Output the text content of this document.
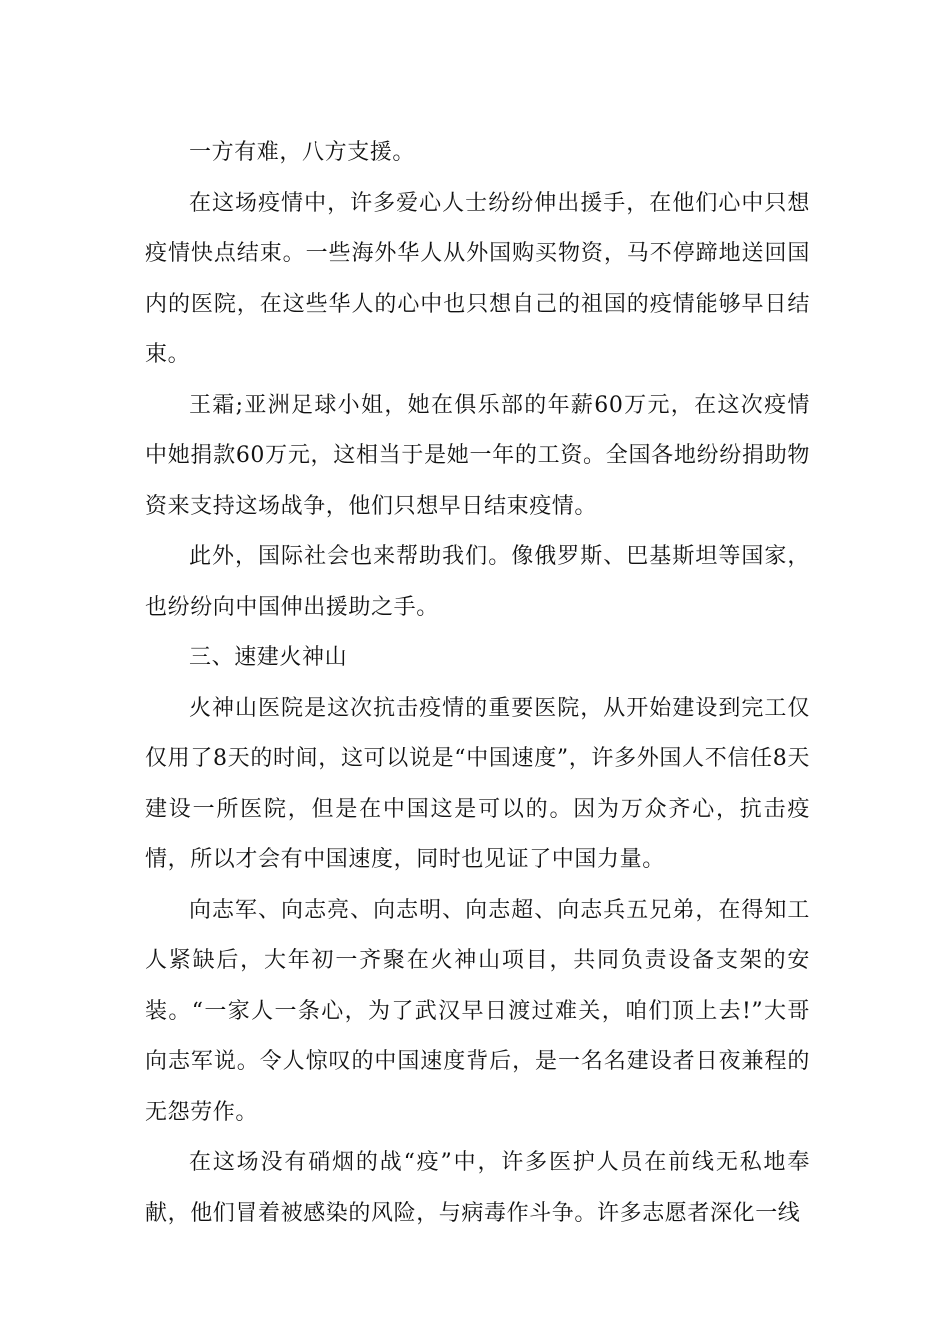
一方有难，八方支援。

在这场疫情中，许多爱心人士纷纷伸出援手，在他们心中只想疫情快点结束。一些海外华人从外国购买物资，马不停蹄地送回国内的医院，在这些华人的心中也只想自己的祖国的疫情能够早日结束。

王霜;亚洲足球小姐，她在俱乐部的年薪60万元，在这次疫情中她捐款60万元，这相当于是她一年的工资。全国各地纷纷捐助物资来支持这场战争，他们只想早日结束疫情。

此外，国际社会也来帮助我们。像俄罗斯、巴基斯坦等国家，也纷纷向中国伸出援助之手。

三、速建火神山

火神山医院是这次抗击疫情的重要医院，从开始建设到完工仅仅用了8天的时间，这可以说是“中国速度”，许多外国人不信任8天建设一所医院，但是在中国这是可以的。因为万众齐心，抗击疫情，所以才会有中国速度，同时也见证了中国力量。

向志军、向志亮、向志明、向志超、向志兵五兄弟，在得知工人紧缺后，大年初一齐聚在火神山项目，共同负责设备支架的安装。“一家人一条心，为了武汉早日渡过难关，咱们顶上去!”大哥向志军说。令人惊叹的中国速度背后，是一名名建设者日夜兼程的无怨劳作。

在这场没有硝烟的战“疫”中，许多医护人员在前线无私地奉献，他们冒着被感染的风险，与病毒作斗争。许多志愿者深化一线
